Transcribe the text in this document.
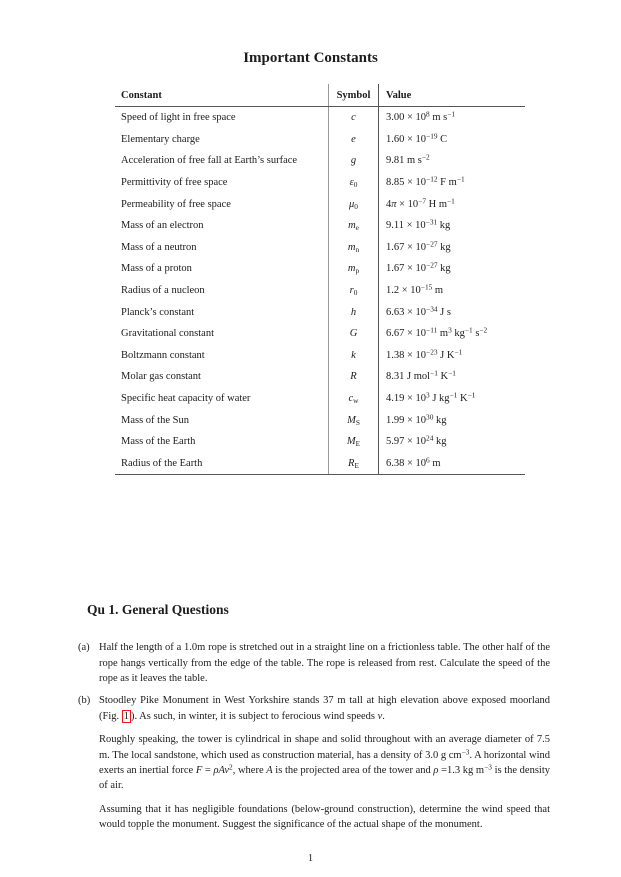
Important Constants
Constant	Symbol	Value
Speed of light in free space	c	$3.00 \times 10^8$ m $s^{-1}$
Elementary charge	e	$1.60 \times 10^{-19}$ C
Acceleration of free fall at Earth’s surface	g	9.81 m $s^{-2}$
Permittivity of free space	$\varepsilon_0$	$8.85 \times 10^{-12}$ F $m^{-1}$
Permeability of free space	$\mu_0$	$4\pi \times 10^{-7}$ H $m^{-1}$
Mass of an electron	$m_e$	$9.11 \times 10^{-31}$ kg
Mass of a neutron	$m_n$	$1.67 \times 10^{-27}$ kg
Mass of a proton	$m_p$	$1.67 \times 10^{-27}$ kg
Radius of a nucleon	$r_0$	$1.2 \times 10^{-15}$ m
Planck’s constant	h	$6.63 \times 10^{-34}$ J s
Gravitational constant	G	$6.67 \times 10^{-11}$ $m^3$ $kg^{-1}$ $s^{-2}$
Boltzmann constant	k	$1.38 \times 10^{-23}$ J $K^{-1}$
Molar gas constant	R	8.31 J mol$^{-1}$ $K^{-1}$
Specific heat capacity of water	$c_w$	$4.19 \times 10^3$ J $kg^{-1}$ $K^{-1}$
Mass of the Sun	$M_S$	$1.99 \times 10^{30}$ kg
Mass of the Earth	$M_E$	$5.97 \times 10^{24}$ kg
Radius of the Earth	$R_E$	$6.38 \times 10^6$ m
Qu 1. General Questions
(a) Half the length of a 1.0m rope is stretched out in a straight line on a frictionless table. The other half of the rope hangs vertically from the edge of the table. The rope is released from rest. Calculate the speed of the rope as it leaves the table.

(b) Stoodley Pike Monument in West Yorkshire stands 37 m tall at high elevation above exposed moorland (Fig. 1 ). As such, in winter, it is subject to ferocious wind speeds v.

Roughly speaking, the tower is cylindrical in shape and solid throughout with an average diameter of 7.5 m. The local sandstone, which used as construction material, has a density of 3.0 g $cm^{-3}$. A horizontal wind exerts an inertial force F = ρAv$^2$, where A is the projected area of the tower and ρ =1.3 kg $m^{-3}$ is the density of air.

Assuming that it has negligible foundations (below-ground construction), determine the wind speed that would topple the monument. Suggest the significance of the actual shape of the monument.

1
